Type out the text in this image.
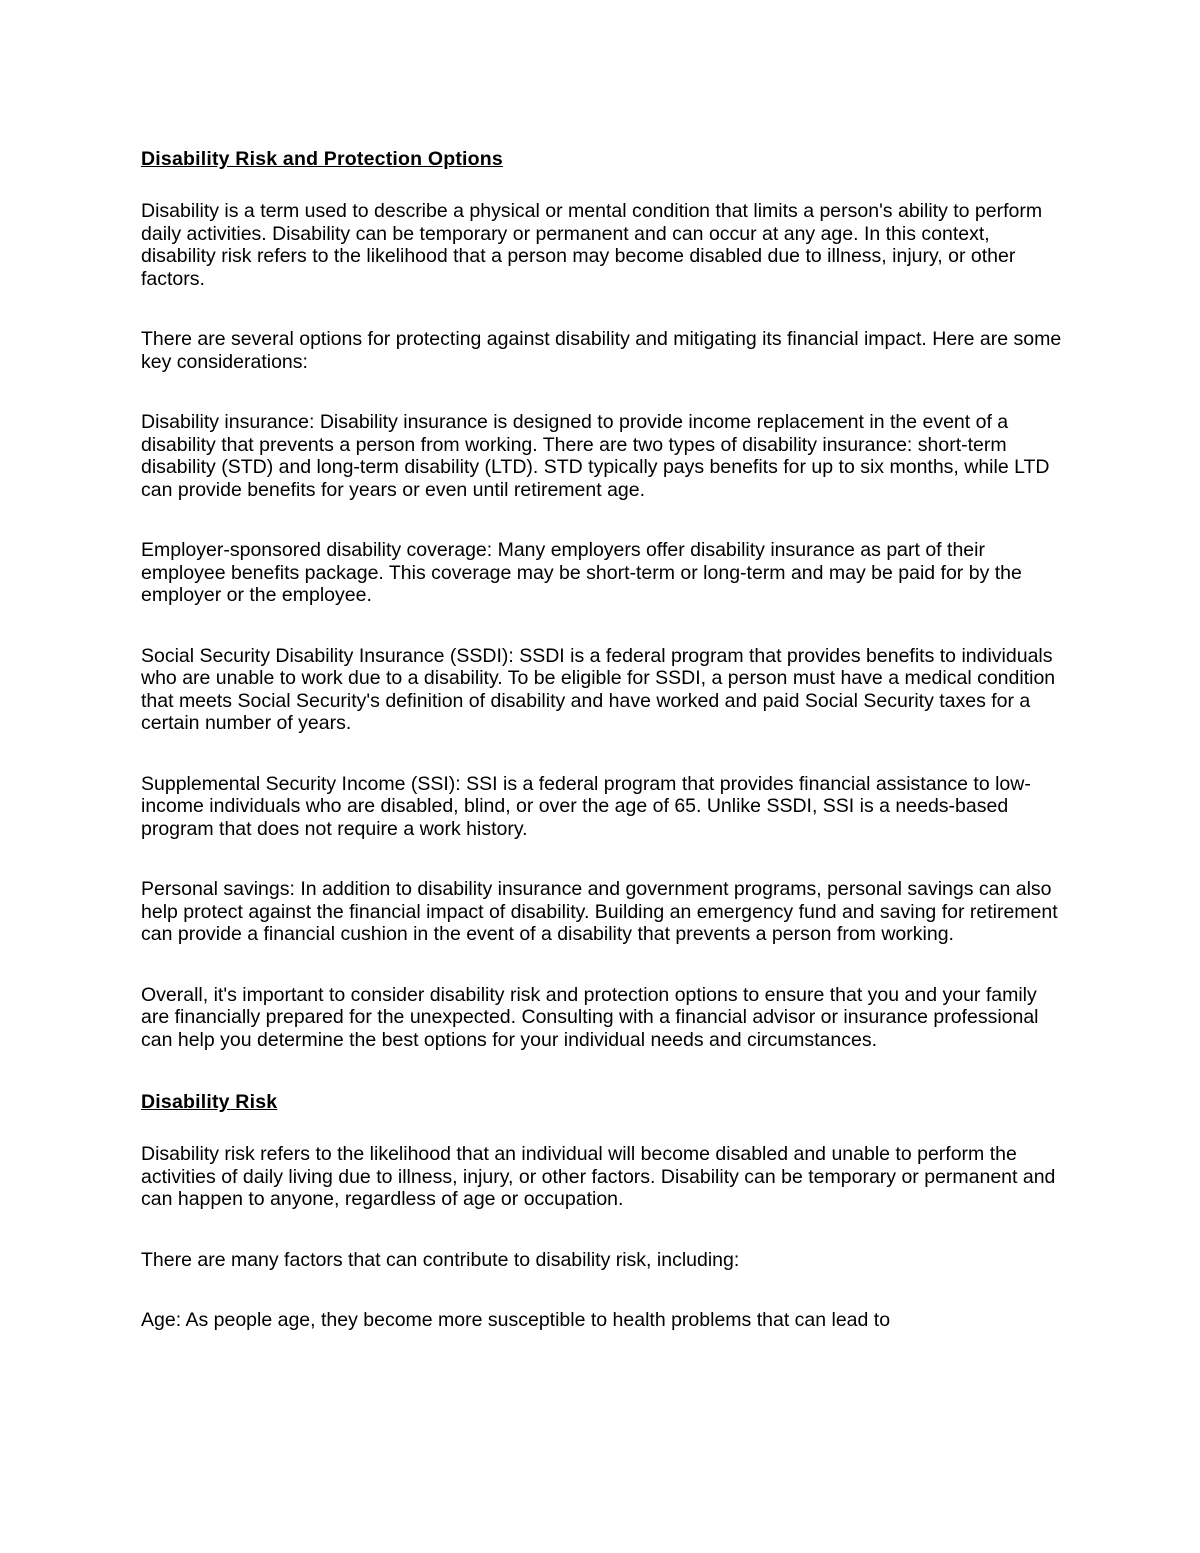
Disability Risk and Protection Options

Disability is a term used to describe a physical or mental condition that limits a person's ability to perform daily activities. Disability can be temporary or permanent and can occur at any age. In this context, disability risk refers to the likelihood that a person may become disabled due to illness, injury, or other factors.

There are several options for protecting against disability and mitigating its financial impact. Here are some key considerations:

Disability insurance: Disability insurance is designed to provide income replacement in the event of a disability that prevents a person from working. There are two types of disability insurance: short-term disability (STD) and long-term disability (LTD). STD typically pays benefits for up to six months, while LTD can provide benefits for years or even until retirement age.

Employer-sponsored disability coverage: Many employers offer disability insurance as part of their employee benefits package. This coverage may be short-term or long-term and may be paid for by the employer or the employee.

Social Security Disability Insurance (SSDI): SSDI is a federal program that provides benefits to individuals who are unable to work due to a disability. To be eligible for SSDI, a person must have a medical condition that meets Social Security's definition of disability and have worked and paid Social Security taxes for a certain number of years.

Supplemental Security Income (SSI): SSI is a federal program that provides financial assistance to low-income individuals who are disabled, blind, or over the age of 65. Unlike SSDI, SSI is a needs-based program that does not require a work history.

Personal savings: In addition to disability insurance and government programs, personal savings can also help protect against the financial impact of disability. Building an emergency fund and saving for retirement can provide a financial cushion in the event of a disability that prevents a person from working.

Overall, it's important to consider disability risk and protection options to ensure that you and your family are financially prepared for the unexpected. Consulting with a financial advisor or insurance professional can help you determine the best options for your individual needs and circumstances.

Disability Risk

Disability risk refers to the likelihood that an individual will become disabled and unable to perform the activities of daily living due to illness, injury, or other factors. Disability can be temporary or permanent and can happen to anyone, regardless of age or occupation.

There are many factors that can contribute to disability risk, including:

Age: As people age, they become more susceptible to health problems that can lead to
